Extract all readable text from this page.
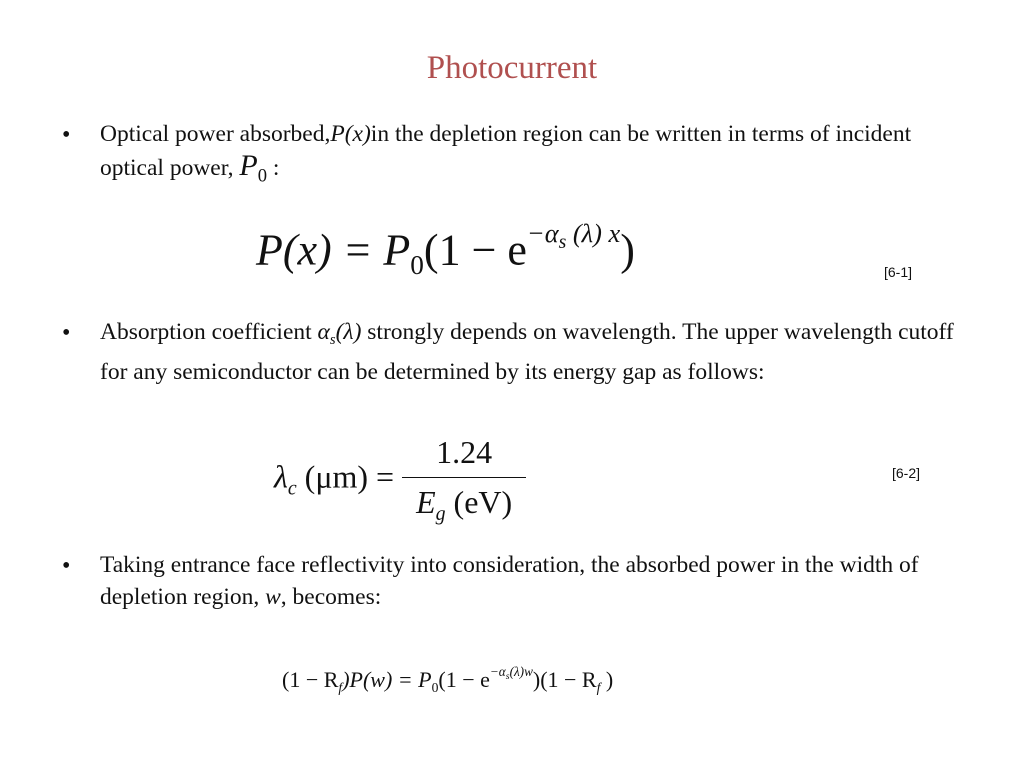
Photocurrent
• Optical power absorbed,P(x)in the depletion region can be written in terms of incident optical power, $P_0$ :
$P(x) = P_0(1 - e^{-\alpha_s (\lambda) x})$	[6-1]
• Absorption coefficient $\alpha_s(\lambda)$ strongly depends on wavelength. The upper wavelength cutoff for any semiconductor can be determined by its energy gap as follows:
$\lambda_c$ $(\mu m) = \frac{1.24}{E_g (eV)}$	[6-2]
• Taking entrance face reflectivity into consideration, the absorbed power in the width of depletion region, w, becomes:
$(1 - R_f)P(w) = P_0(1 - e^{-\alpha_s(\lambda)w})(1 - R_f$ )
